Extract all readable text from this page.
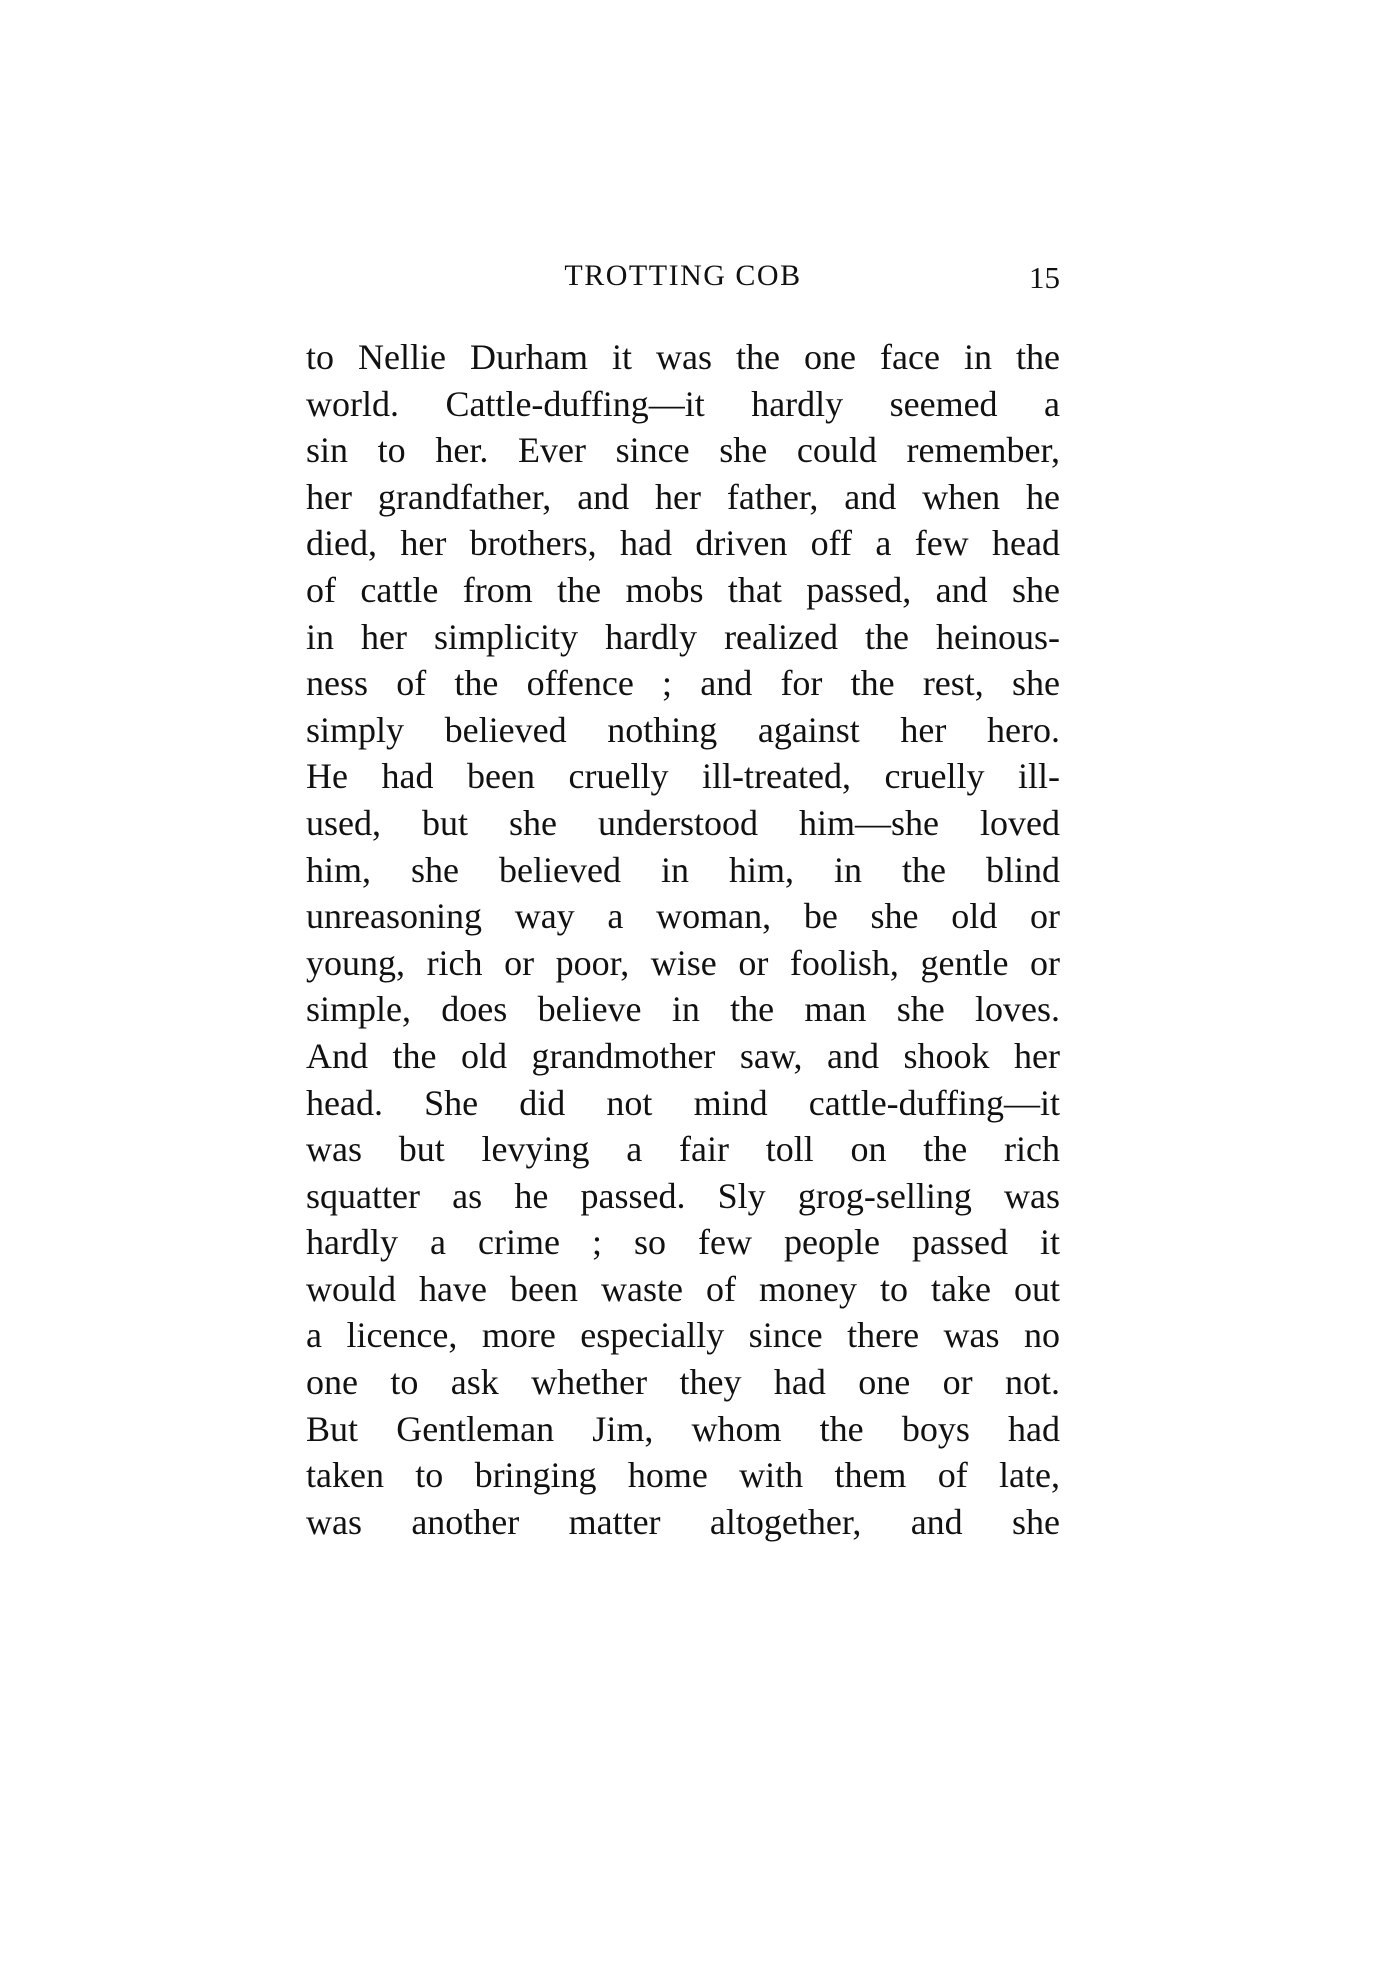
TROTTING COB	15
to Nellie Durham it was the one face in the
world. Cattle-duffing—it hardly seemed a
sin to her. Ever since she could remember,
her grandfather, and her father, and when he
died, her brothers, had driven off a few head
of cattle from the mobs that passed, and she
in her simplicity hardly realized the heinous-
ness of the offence ; and for the rest, she
simply believed nothing against her hero.
He had been cruelly ill-treated, cruelly ill-
used, but she understood him—she loved
him, she believed in him, in the blind
unreasoning way a woman, be she old or
young, rich or poor, wise or foolish, gentle or
simple, does believe in the man she loves.
And the old grandmother saw, and shook her
head. She did not mind cattle-duffing—it
was but levying a fair toll on the rich
squatter as he passed. Sly grog-selling was
hardly a crime ; so few people passed it
would have been waste of money to take out
a licence, more especially since there was no
one to ask whether they had one or not.
But Gentleman Jim, whom the boys had
taken to bringing home with them of late,
was another matter altogether, and she
